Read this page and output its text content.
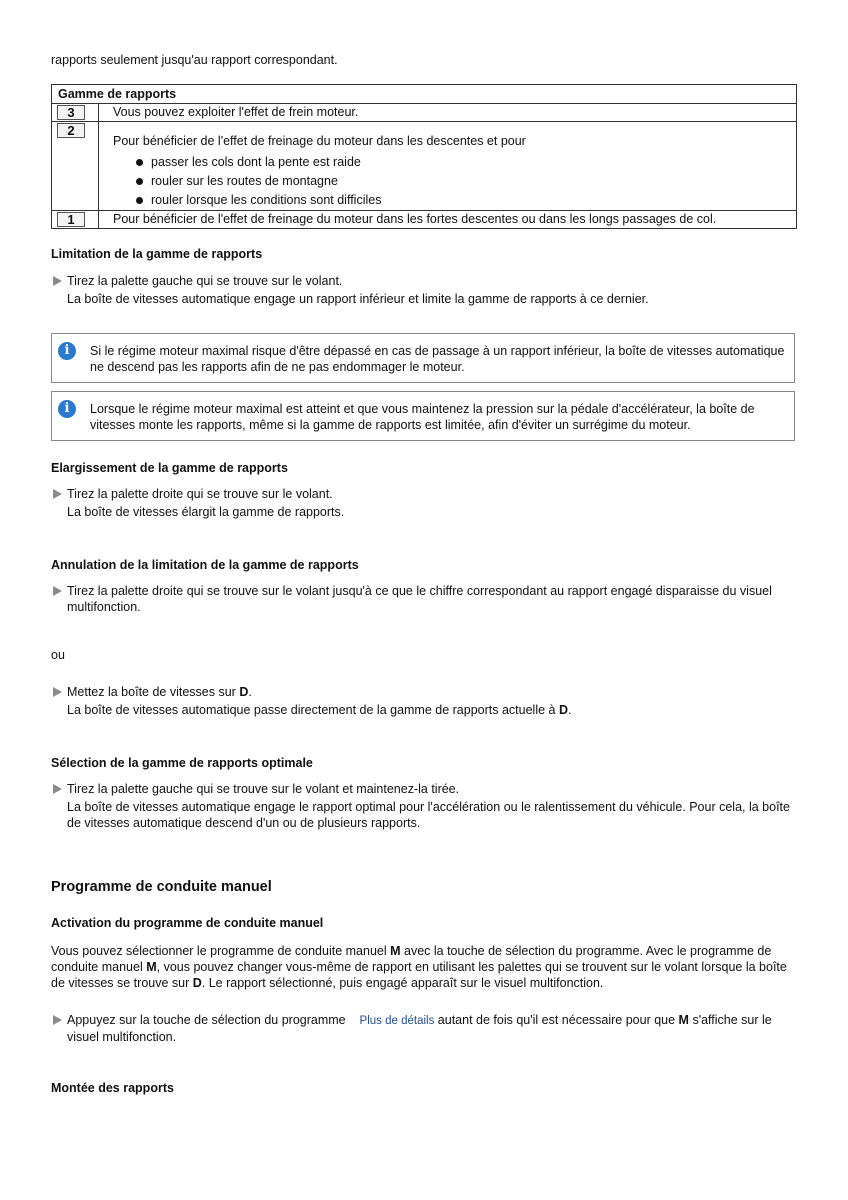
rapports seulement jusqu'au rapport correspondant.

Gamme de rapports	
3	Vous pouvez exploiter l'effet de frein moteur.
2	Pour bénéficier de l'effet de freinage du moteur dans les descentes et pour

passer les cols dont la pente est raide
rouler sur les routes de montagne
rouler lorsque les conditions sont difficiles

1	Pour bénéficier de l'effet de freinage du moteur dans les fortes descentes ou dans les longs passages de col.

Limitation de la gamme de rapports

Tirez la palette gauche qui se trouve sur le volant.

La boîte de vitesses automatique engage un rapport inférieur et limite la gamme de rapports à ce dernier.

i	Si le régime moteur maximal risque d'être dépassé en cas de passage à un rapport inférieur, la boîte de vitesses automatique ne descend pas les rapports afin de ne pas endommager le moteur.

i	Lorsque le régime moteur maximal est atteint et que vous maintenez la pression sur la pédale d'accélérateur, la boîte de vitesses monte les rapports, même si la gamme de rapports est limitée, afin d'éviter un surrégime du moteur.

Elargissement de la gamme de rapports

Tirez la palette droite qui se trouve sur le volant.

La boîte de vitesses élargit la gamme de rapports.

Annulation de la limitation de la gamme de rapports

Tirez la palette droite qui se trouve sur le volant jusqu'à ce que le chiffre correspondant au rapport engagé disparaisse du visuel multifonction.

ou

Mettez la boîte de vitesses sur D.

La boîte de vitesses automatique passe directement de la gamme de rapports actuelle à D.

Sélection de la gamme de rapports optimale

Tirez la palette gauche qui se trouve sur le volant et maintenez-la tirée.

La boîte de vitesses automatique engage le rapport optimal pour l'accélération ou le ralentissement du véhicule. Pour cela, la boîte de vitesses automatique descend d'un ou de plusieurs rapports.

Programme de conduite manuel

Activation du programme de conduite manuel

Vous pouvez sélectionner le programme de conduite manuel M avec la touche de sélection du programme. Avec le programme de conduite manuel M, vous pouvez changer vous-même de rapport en utilisant les palettes qui se trouvent sur le volant lorsque la boîte de vitesses se trouve sur D. Le rapport sélectionné, puis engagé apparaît sur le visuel multifonction.

Appuyez sur la touche de sélection du programme    Plus de détails autant de fois qu'il est nécessaire pour que M s'affiche sur le visuel multifonction.

Montée des rapports
